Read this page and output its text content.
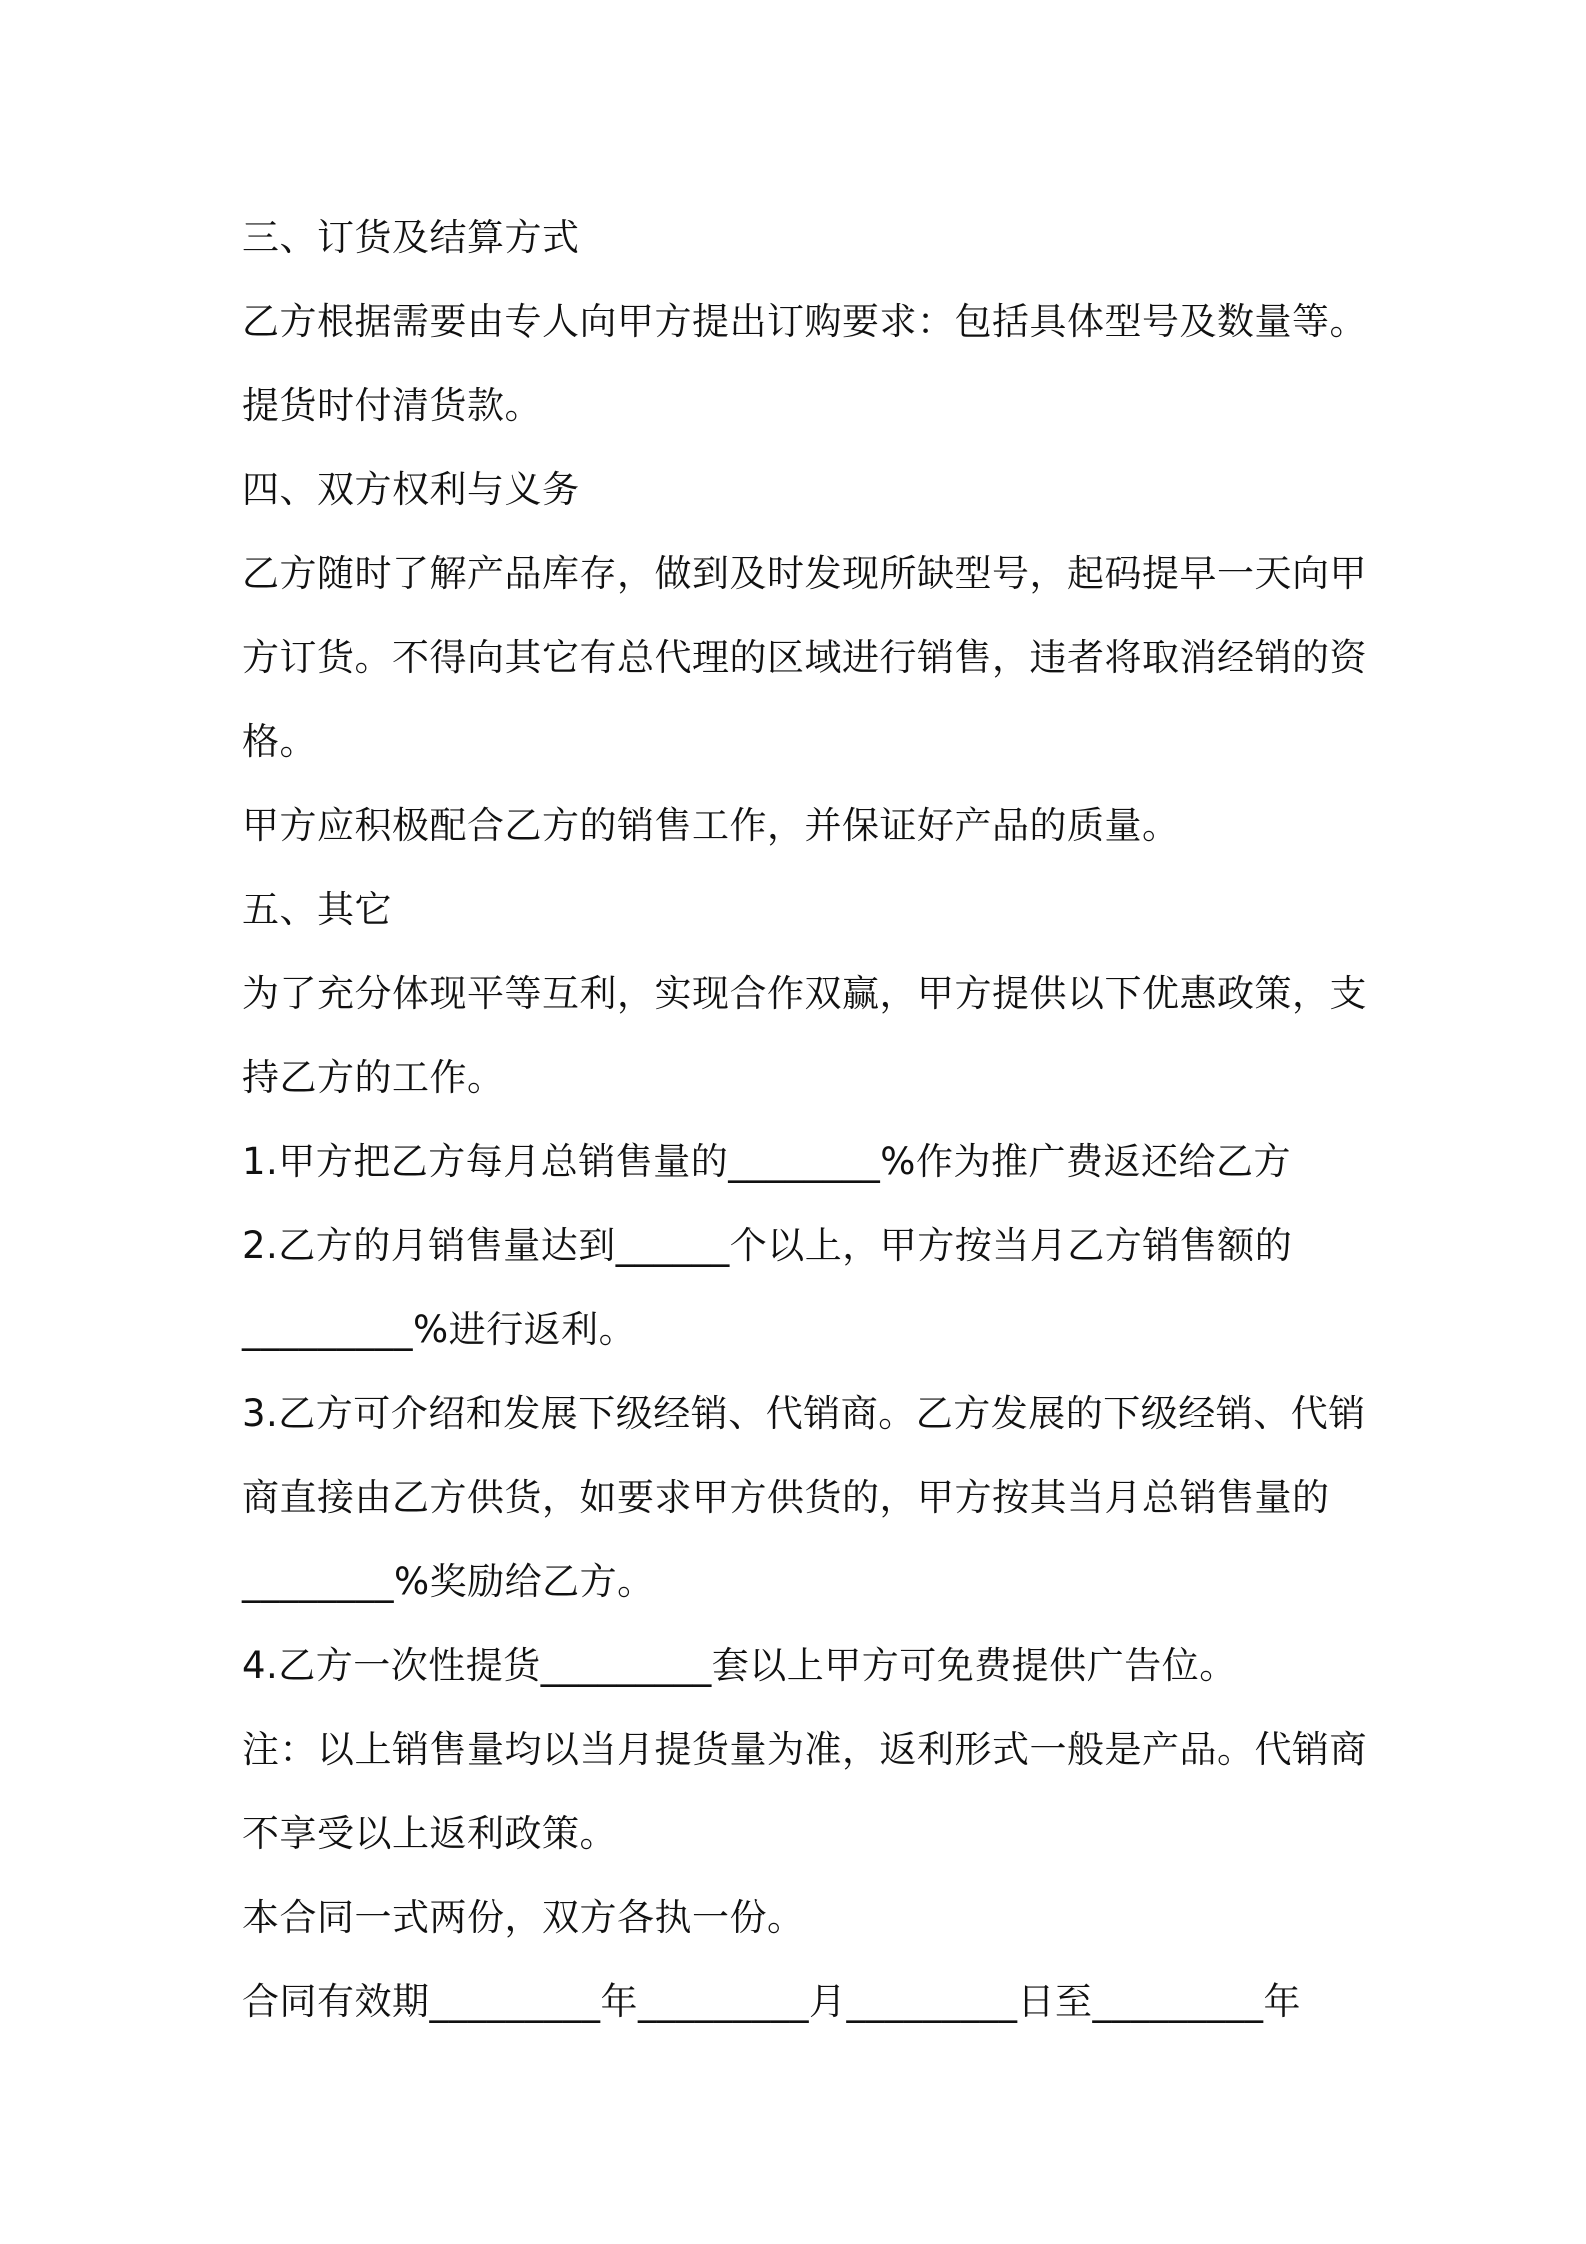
三、订货及结算方式
乙方根据需要由专人向甲方提出订购要求：包括具体型号及数量等。
提货时付清货款。
四、双方权利与义务
乙方随时了解产品库存，做到及时发现所缺型号，起码提早一天向甲
方订货。不得向其它有总代理的区域进行销售，违者将取消经销的资
格。
甲方应积极配合乙方的销售工作，并保证好产品的质量。
五、其它
为了充分体现平等互利，实现合作双赢，甲方提供以下优惠政策，支
持乙方的工作。
1.甲方把乙方每月总销售量的________%作为推广费返还给乙方
2.乙方的月销售量达到______个以上，甲方按当月乙方销售额的
_________%进行返利。
3.乙方可介绍和发展下级经销、代销商。乙方发展的下级经销、代销
商直接由乙方供货，如要求甲方供货的，甲方按其当月总销售量的
________%奖励给乙方。
4.乙方一次性提货_________套以上甲方可免费提供广告位。
注：以上销售量均以当月提货量为准，返利形式一般是产品。代销商
不享受以上返利政策。
本合同一式两份，双方各执一份。
合同有效期_________年_________月_________日至_________年
